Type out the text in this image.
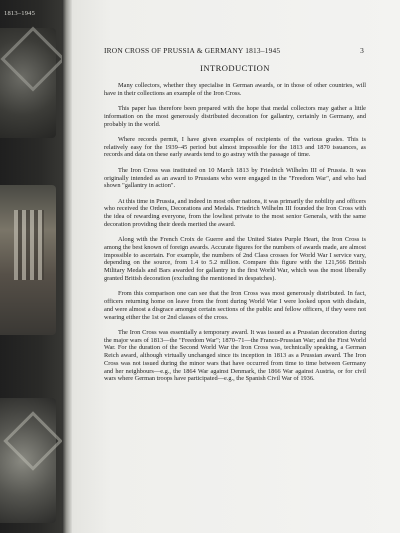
1813–1945
IRON CROSS OF PRUSSIA & GERMANY 1813–1945	3
INTRODUCTION

Many collectors, whether they specialise in German awards, or in those of other countries, will have in their collections an example of the Iron Cross.

This paper has therefore been prepared with the hope that medal collectors may gather a little information on the most generously distributed decoration for gallantry, certainly in Germany, and probably in the world.

Where records permit, I have given examples of recipients of the various grades. This is relatively easy for the 1939–45 period but almost impossible for the 1813 and 1870 issuances, as records and data on these early awards tend to go astray with the passage of time.

The Iron Cross was instituted on 10 March 1813 by Friedrich Wilhelm III of Prussia. It was originally intended as an award to Prussians who were engaged in the "Freedom War", and who had shown "gallantry in action".

At this time in Prussia, and indeed in most other nations, it was primarily the nobility and officers who received the Orders, Decorations and Medals. Friedrich Wilhelm III founded the Iron Cross with the idea of rewarding everyone, from the lowliest private to the most senior Generals, with the same decoration providing their deeds merited the award.

Along with the French Croix de Guerre and the United States Purple Heart, the Iron Cross is among the best known of foreign awards. Accurate figures for the numbers of awards made, are almost impossible to ascertain. For example, the numbers of 2nd Class crosses for World War I service vary, depending on the source, from 1.4 to 5.2 million. Compare this figure with the 121,566 British Military Medals and Bars awarded for gallantry in the first World War, which was the most liberally granted British decoration (excluding the mentioned in despatches).

From this comparison one can see that the Iron Cross was most generously distributed. In fact, officers returning home on leave from the front during World War I were looked upon with disdain, and were almost a disgrace amongst certain sections of the public and fellow officers, if they were not wearing either the 1st or 2nd classes of the cross.

The Iron Cross was essentially a temporary award. It was issued as a Prussian decoration during the major wars of 1813—the "Freedom War"; 1870–71—the Franco-Prussian War; and the First World War. For the duration of the Second World War the Iron Cross was, technically speaking, a German Reich award, although virtually unchanged since its inception in 1813 as a Prussian award. The Iron Cross was not issued during the minor wars that have occurred from time to time between Germany and her neighbours—e.g., the 1864 War against Denmark, the 1866 War against Austria, or for civil wars where German troops have participated—e.g., the Spanish Civil War of 1936.
